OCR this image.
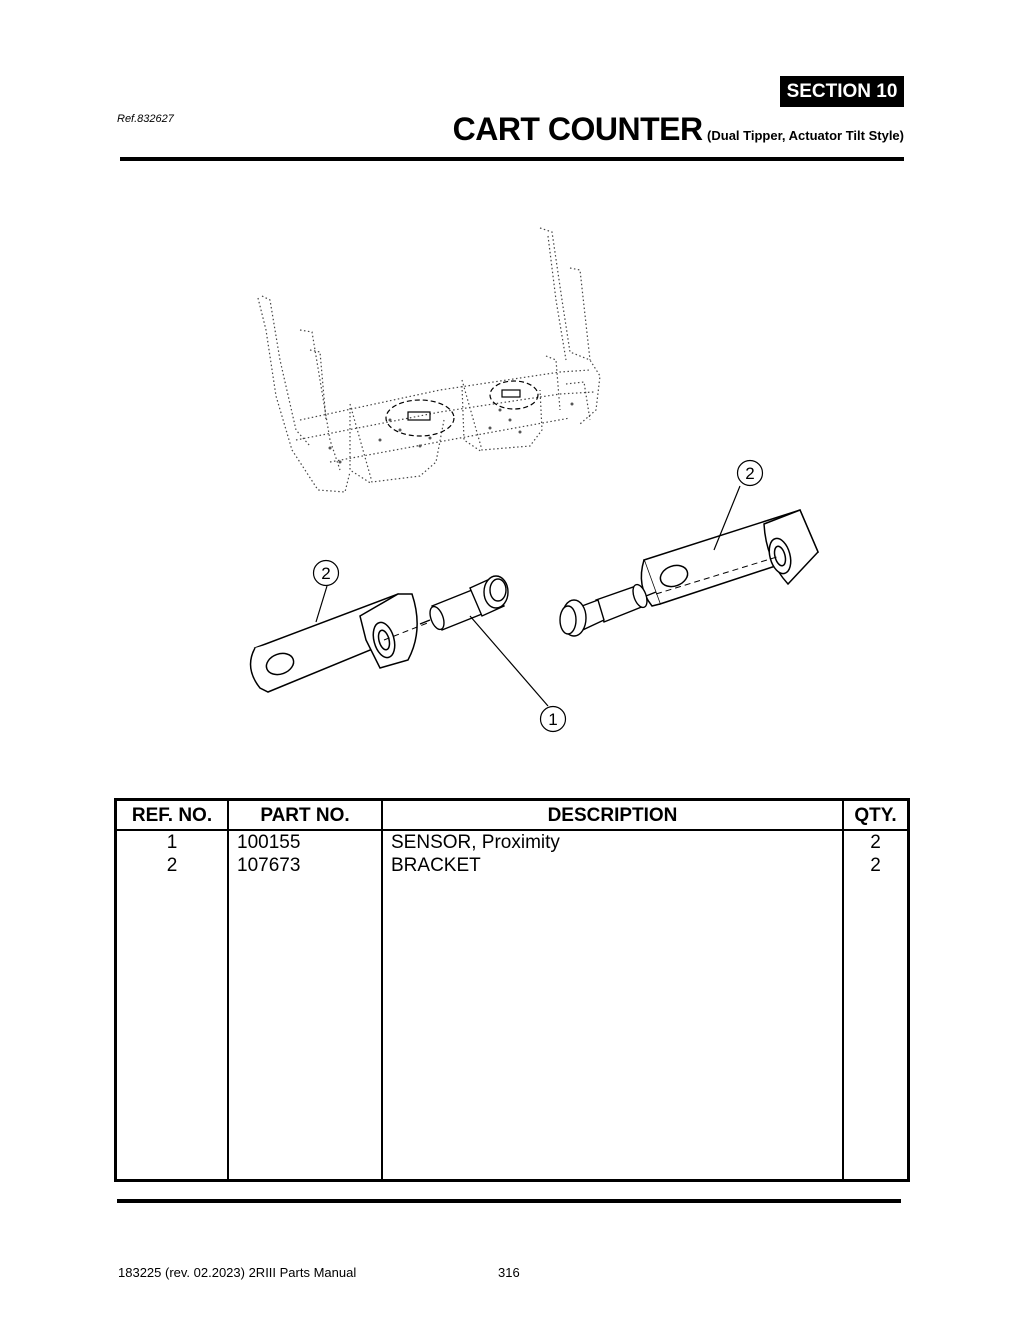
SECTION 10
Ref.832627	CART COUNTER (Dual Tipper, Actuator Tilt Style)
2
2
1
REF. NO.	PART NO.	DESCRIPTION	QTY.
1	100155	SENSOR, Proximity	2
2	107673	BRACKET	2
183225 (rev. 02.2023) 2RIII Parts Manual	316
